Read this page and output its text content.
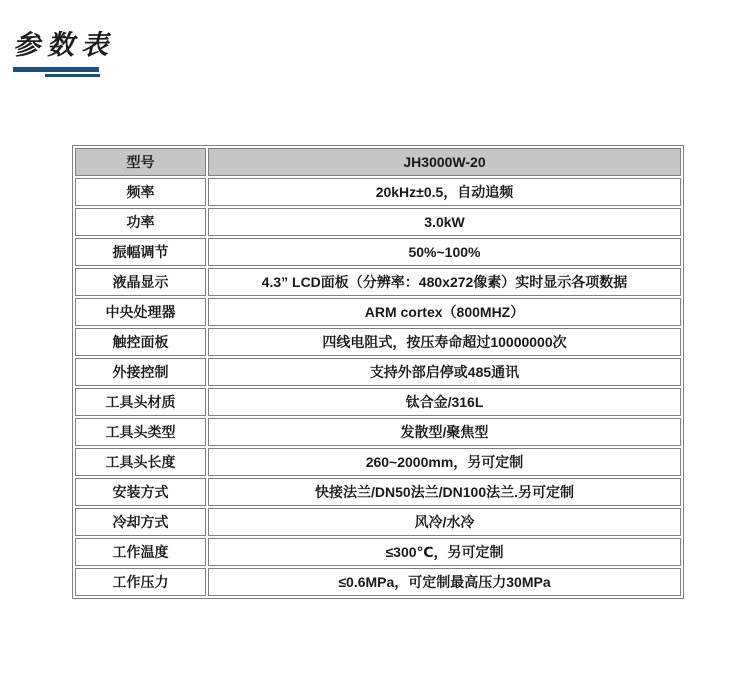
参数表
型号	JH3000W-20
频率	20kHz±0.5，自动追频
功率	3.0kW
振幅调节	50%~100%
液晶显示	4.3” LCD面板（分辨率：480x272像素）实时显示各项数据
中央处理器	ARM cortex（800MHZ）
触控面板	四线电阻式，按压寿命超过10000000次
外接控制	支持外部启停或485通讯
工具头材质	钛合金/316L
工具头类型	发散型/聚焦型
工具头长度	260~2000mm，另可定制
安装方式	快接法兰/DN50法兰/DN100法兰.另可定制
冷却方式	风冷/水冷
工作温度	≤300℃，另可定制
工作压力	≤0.6MPa，可定制最高压力30MPa
